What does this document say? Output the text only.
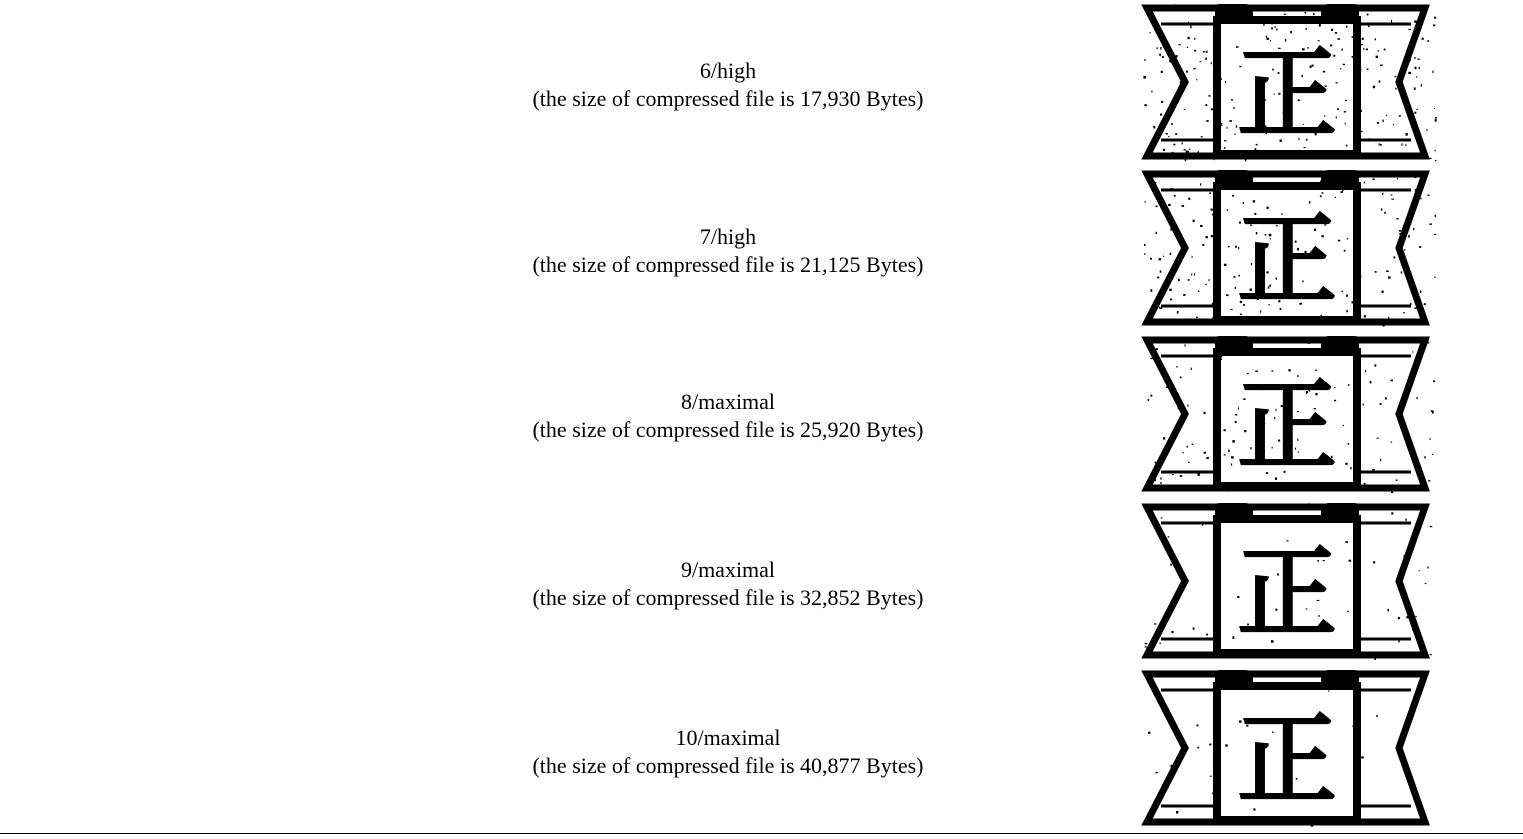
6/high
(the size of compressed file is 17,930 Bytes)	正
7/high
(the size of compressed file is 21,125 Bytes)	正
8/maximal
(the size of compressed file is 25,920 Bytes)	正
9/maximal
(the size of compressed file is 32,852 Bytes)	正
10/maximal
(the size of compressed file is 40,877 Bytes)	正
